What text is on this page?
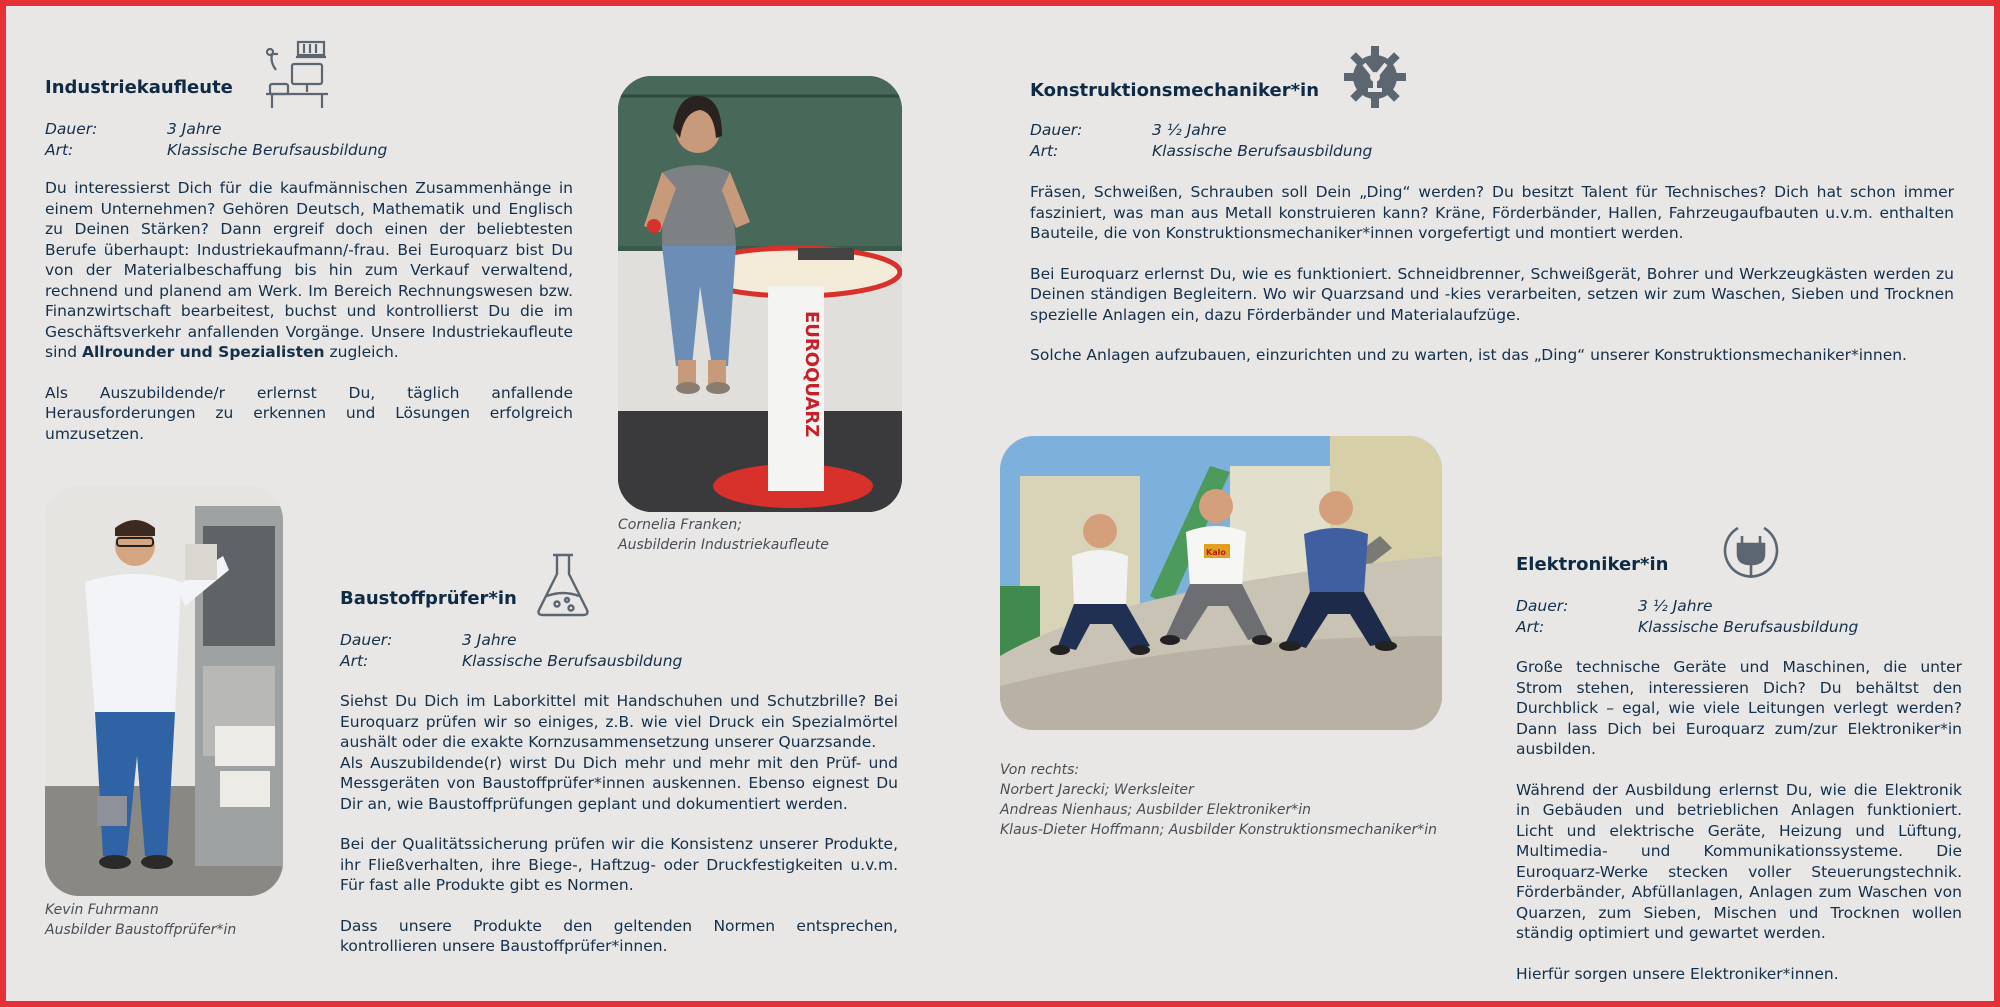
Industriekaufleute
Dauer:	3 Jahre
Art:	Klassische Berufsausbildung

Du interessierst Dich für die kaufmännischen Zusammenhänge in einem Unternehmen? Gehören Deutsch, Mathematik und Englisch zu Deinen Stärken? Dann ergreif doch einen der beliebtesten Berufe überhaupt: Industriekaufmann/-frau. Bei Euroquarz bist Du von der Materialbeschaffung bis hin zum Verkauf verwaltend, rechnend und planend am Werk. Im Bereich Rechnungswesen bzw. Finanzwirtschaft bearbeitest, buchst und kontrollierst Du die im Geschäftsverkehr anfallenden Vorgänge. Unsere Industriekaufleute sind Allrounder und Spezialisten zugleich.

Als Auszubildende/r erlernst Du, täglich anfallende Herausforderungen zu erkennen und Lösungen erfolgreich umzusetzen.	EUROQUARZ
Cornelia Franken;
Ausbilderin Industriekaufleute
Kevin Fuhrmann
Ausbilder Baustoffprüfer*in
Baustoffprüfer*in
Dauer:	3 Jahre
Art:	Klassische Berufsausbildung

Siehst Du Dich im Laborkittel mit Handschuhen und Schutzbrille? Bei Euroquarz prüfen wir so einiges, z.B. wie viel Druck ein Spezialmörtel aushält oder die exakte Kornzusammensetzung unserer Quarzsande.

Als Auszubildende(r) wirst Du Dich mehr und mehr mit den Prüf- und Messgeräten von Baustoffprüfer*innen auskennen. Ebenso eignest Du Dir an, wie Baustoffprüfungen geplant und dokumentiert werden.

Bei der Qualitätssicherung prüfen wir die Konsistenz unserer Produkte, ihr Fließverhalten, ihre Biege-, Haftzug- oder Druckfestigkeiten u.v.m. Für fast alle Produkte gibt es Normen.

Dass unsere Produkte den geltenden Normen entsprechen, kontrollieren unsere Baustoffprüfer*innen.

Konstruktionsmechaniker*in
Dauer:	3 ½ Jahre
Art:	Klassische Berufsausbildung

Fräsen, Schweißen, Schrauben soll Dein „Ding“ werden? Du besitzt Talent für Technisches? Dich hat schon immer fasziniert, was man aus Metall konstruieren kann? Kräne, Förderbänder, Hallen, Fahrzeugaufbauten u.v.m. enthalten Bauteile, die von Konstruktionsmechaniker*innen vorgefertigt und montiert werden.

Bei Euroquarz erlernst Du, wie es funktioniert. Schneidbrenner, Schweißgerät, Bohrer und Werkzeugkästen werden zu Deinen ständigen Begleitern. Wo wir Quarzsand und -kies verarbeiten, setzen wir zum Waschen, Sieben und Trocknen spezielle Anlagen ein, dazu Förderbänder und Materialaufzüge.

Solche Anlagen aufzubauen, einzurichten und zu warten, ist das „Ding“ unserer Konstruktionsmechaniker*innen.

Kalo
Von rechts:
Norbert Jarecki; Werksleiter
Andreas Nienhaus; Ausbilder Elektroniker*in
Klaus-Dieter Hoffmann; Ausbilder Konstruktionsmechaniker*in
Elektroniker*in
Dauer:	3 ½ Jahre
Art:	Klassische Berufsausbildung

Große technische Geräte und Maschinen, die unter Strom stehen, interessieren Dich? Du behältst den Durchblick – egal, wie viele Leitungen verlegt werden? Dann lass Dich bei Euroquarz zum/zur Elektroniker*in ausbilden.

Während der Ausbildung erlernst Du, wie die Elektronik in Gebäuden und betrieblichen Anlagen funktioniert. Licht und elektrische Geräte, Heizung und Lüftung, Multimedia- und Kommunikationssysteme. Die Euroquarz-Werke stecken voller Steuerungstechnik. Förderbänder, Abfüllanlagen, Anlagen zum Waschen von Quarzen, zum Sieben, Mischen und Trocknen wollen ständig optimiert und gewartet werden.

Hierfür sorgen unsere Elektroniker*innen.
